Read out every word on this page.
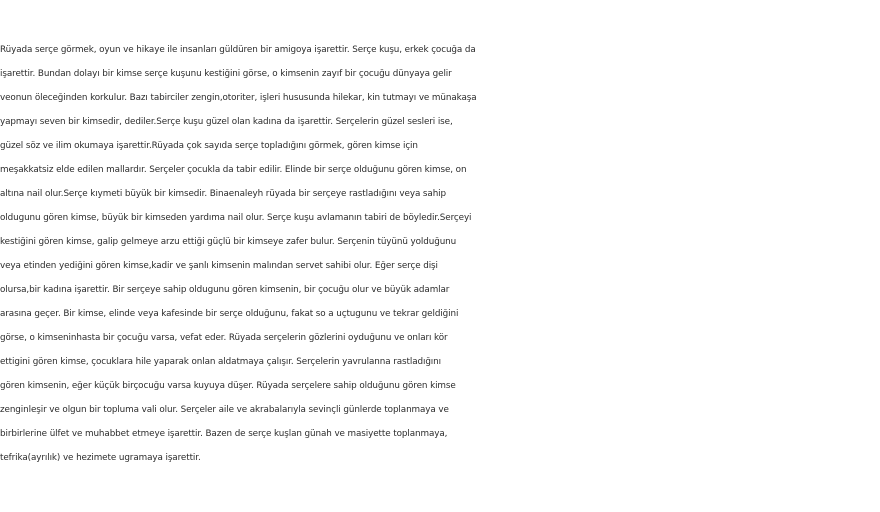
Rüyada serçe görmek, oyun ve hikaye ile insanları güldüren bir amigoya işarettir. Serçe kuşu, erkek çocuğa da
işarettir. Bundan dolayı bir kimse serçe kuşunu kestiğini görse, o kimsenin zayıf bir çocuğu dünyaya gelir
veonun öleceğinden korkulur. Bazı tabirciler zengin,otoriter, işleri hususunda hilekar, kin tutmayı ve münakaşa
yapmayı seven bir kimsedir, dediler.Serçe kuşu güzel olan kadına da işarettir. Serçelerin güzel sesleri ise,
güzel söz ve ilim okumaya işarettir.Rüyada çok sayıda serçe topladığını görmek, gören kimse için
meşakkatsiz elde edilen mallardır. Serçeler çocukla da tabir edilir. Elinde bir serçe olduğunu gören kimse, on
altına nail olur.Serçe kıymeti büyük bir kimsedir. Binaenaleyh rüyada bir serçeye rastladığını veya sahip
oldugunu gören kimse, büyük bir kimseden yardıma nail olur. Serçe kuşu avlamanın tabiri de böyledir.Serçeyi
kestiğini gören kimse, galip gelmeye arzu ettiği güçlü bir kimseye zafer bulur. Serçenin tüyünü yolduğunu
veya etinden yediğini gören kimse,kadir ve şanlı kimsenin malından servet sahibi olur. Eğer serçe dişi
olursa,bir kadına işarettir. Bir serçeye sahip oldugunu gören kimsenin, bir çocuğu olur ve büyük adamlar
arasına geçer. Bir kimse, elinde veya kafesinde bir serçe olduğunu, fakat so a uçtugunu ve tekrar geldiğini
görse, o kimseninhasta bir çocuğu varsa, vefat eder. Rüyada serçelerin gözlerini oyduğunu ve onları kör
ettigini gören kimse, çocuklara hile yaparak onlan aldatmaya çalışır. Serçelerin yavrulanna rastladığını
gören kimsenin, eğer küçük birçocuğu varsa kuyuya düşer. Rüyada serçelere sahip olduğunu gören kimse
zenginleşir ve olgun bir topluma vali olur. Serçeler aile ve akrabalarıyla sevinçli günlerde toplanmaya ve
birbirlerine ülfet ve muhabbet etmeye işarettir. Bazen de serçe kuşlan günah ve masiyette toplanmaya,
tefrika(ayrılık) ve hezimete ugramaya işarettir.
